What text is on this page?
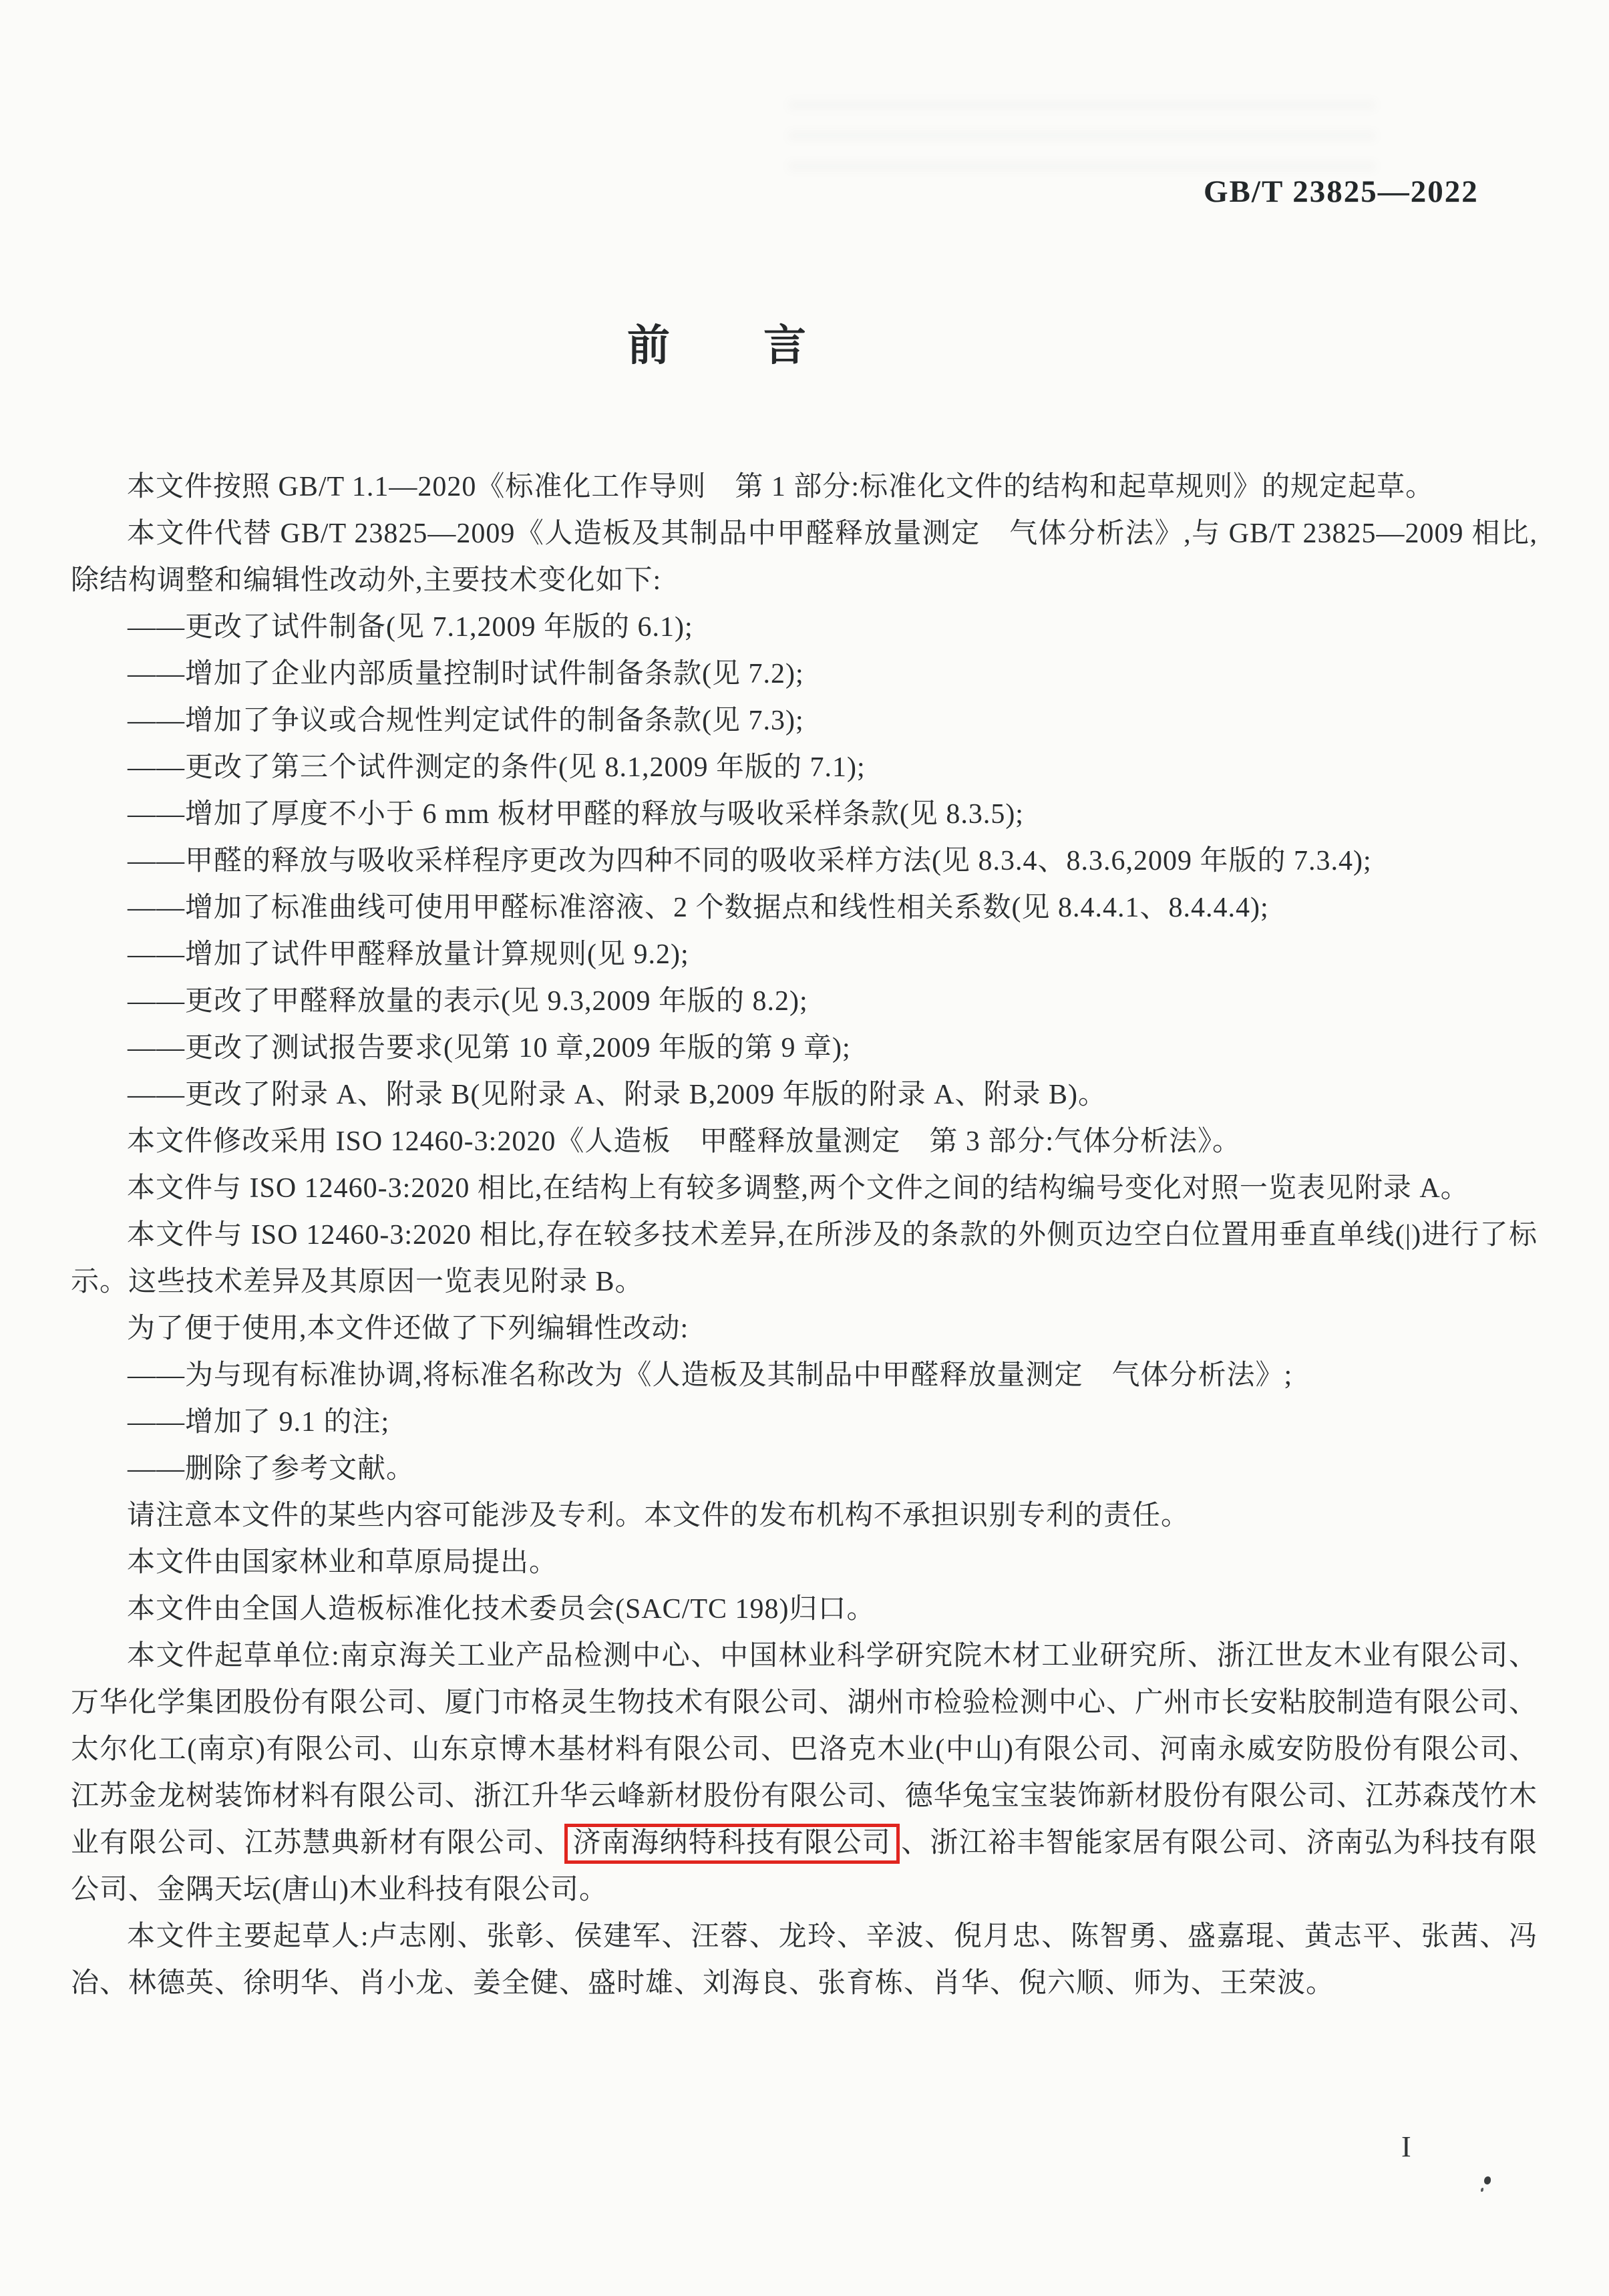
GB/T 23825—2022
前　　言

本文件按照 GB/T 1.1—2020《标准化工作导则　第 1 部分:标准化文件的结构和起草规则》的规定起草。

本文件代替 GB/T 23825—2009《人造板及其制品中甲醛释放量测定　气体分析法》,与 GB/T 23825—2009 相比,除结构调整和编辑性改动外,主要技术变化如下:

——更改了试件制备(见 7.1,2009 年版的 6.1);

——增加了企业内部质量控制时试件制备条款(见 7.2);

——增加了争议或合规性判定试件的制备条款(见 7.3);

——更改了第三个试件测定的条件(见 8.1,2009 年版的 7.1);

——增加了厚度不小于 6 mm 板材甲醛的释放与吸收采样条款(见 8.3.5);

——甲醛的释放与吸收采样程序更改为四种不同的吸收采样方法(见 8.3.4、8.3.6,2009 年版的 7.3.4);

——增加了标准曲线可使用甲醛标准溶液、2 个数据点和线性相关系数(见 8.4.4.1、8.4.4.4);

——增加了试件甲醛释放量计算规则(见 9.2);

——更改了甲醛释放量的表示(见 9.3,2009 年版的 8.2);

——更改了测试报告要求(见第 10 章,2009 年版的第 9 章);

——更改了附录 A、附录 B(见附录 A、附录 B,2009 年版的附录 A、附录 B)。

本文件修改采用 ISO 12460-3:2020《人造板　甲醛释放量测定　第 3 部分:气体分析法》。

本文件与 ISO 12460-3:2020 相比,在结构上有较多调整,两个文件之间的结构编号变化对照一览表见附录 A。

本文件与 ISO 12460-3:2020 相比,存在较多技术差异,在所涉及的条款的外侧页边空白位置用垂直单线(|)进行了标示。这些技术差异及其原因一览表见附录 B。

为了便于使用,本文件还做了下列编辑性改动:

——为与现有标准协调,将标准名称改为《人造板及其制品中甲醛释放量测定　气体分析法》;

——增加了 9.1 的注;

——删除了参考文献。

请注意本文件的某些内容可能涉及专利。本文件的发布机构不承担识别专利的责任。

本文件由国家林业和草原局提出。

本文件由全国人造板标准化技术委员会(SAC/TC 198)归口。

本文件起草单位:南京海关工业产品检测中心、中国林业科学研究院木材工业研究所、浙江世友木业有限公司、万华化学集团股份有限公司、厦门市格灵生物技术有限公司、湖州市检验检测中心、广州市长安粘胶制造有限公司、太尔化工(南京)有限公司、山东京博木基材料有限公司、巴洛克木业(中山)有限公司、河南永威安防股份有限公司、江苏金龙树装饰材料有限公司、浙江升华云峰新材股份有限公司、德华兔宝宝装饰新材股份有限公司、江苏森茂竹木业有限公司、江苏慧典新材有限公司、 济南海纳特科技有限公司 、浙江裕丰智能家居有限公司、济南弘为科技有限公司、金隅天坛(唐山)木业科技有限公司。

本文件主要起草人:卢志刚、张彰、侯建军、汪蓉、龙玲、辛波、倪月忠、陈智勇、盛嘉琨、黄志平、张茜、冯冶、林德英、徐明华、肖小龙、姜全健、盛时雄、刘海良、张育栋、肖华、倪六顺、师为、王荣波。

I
